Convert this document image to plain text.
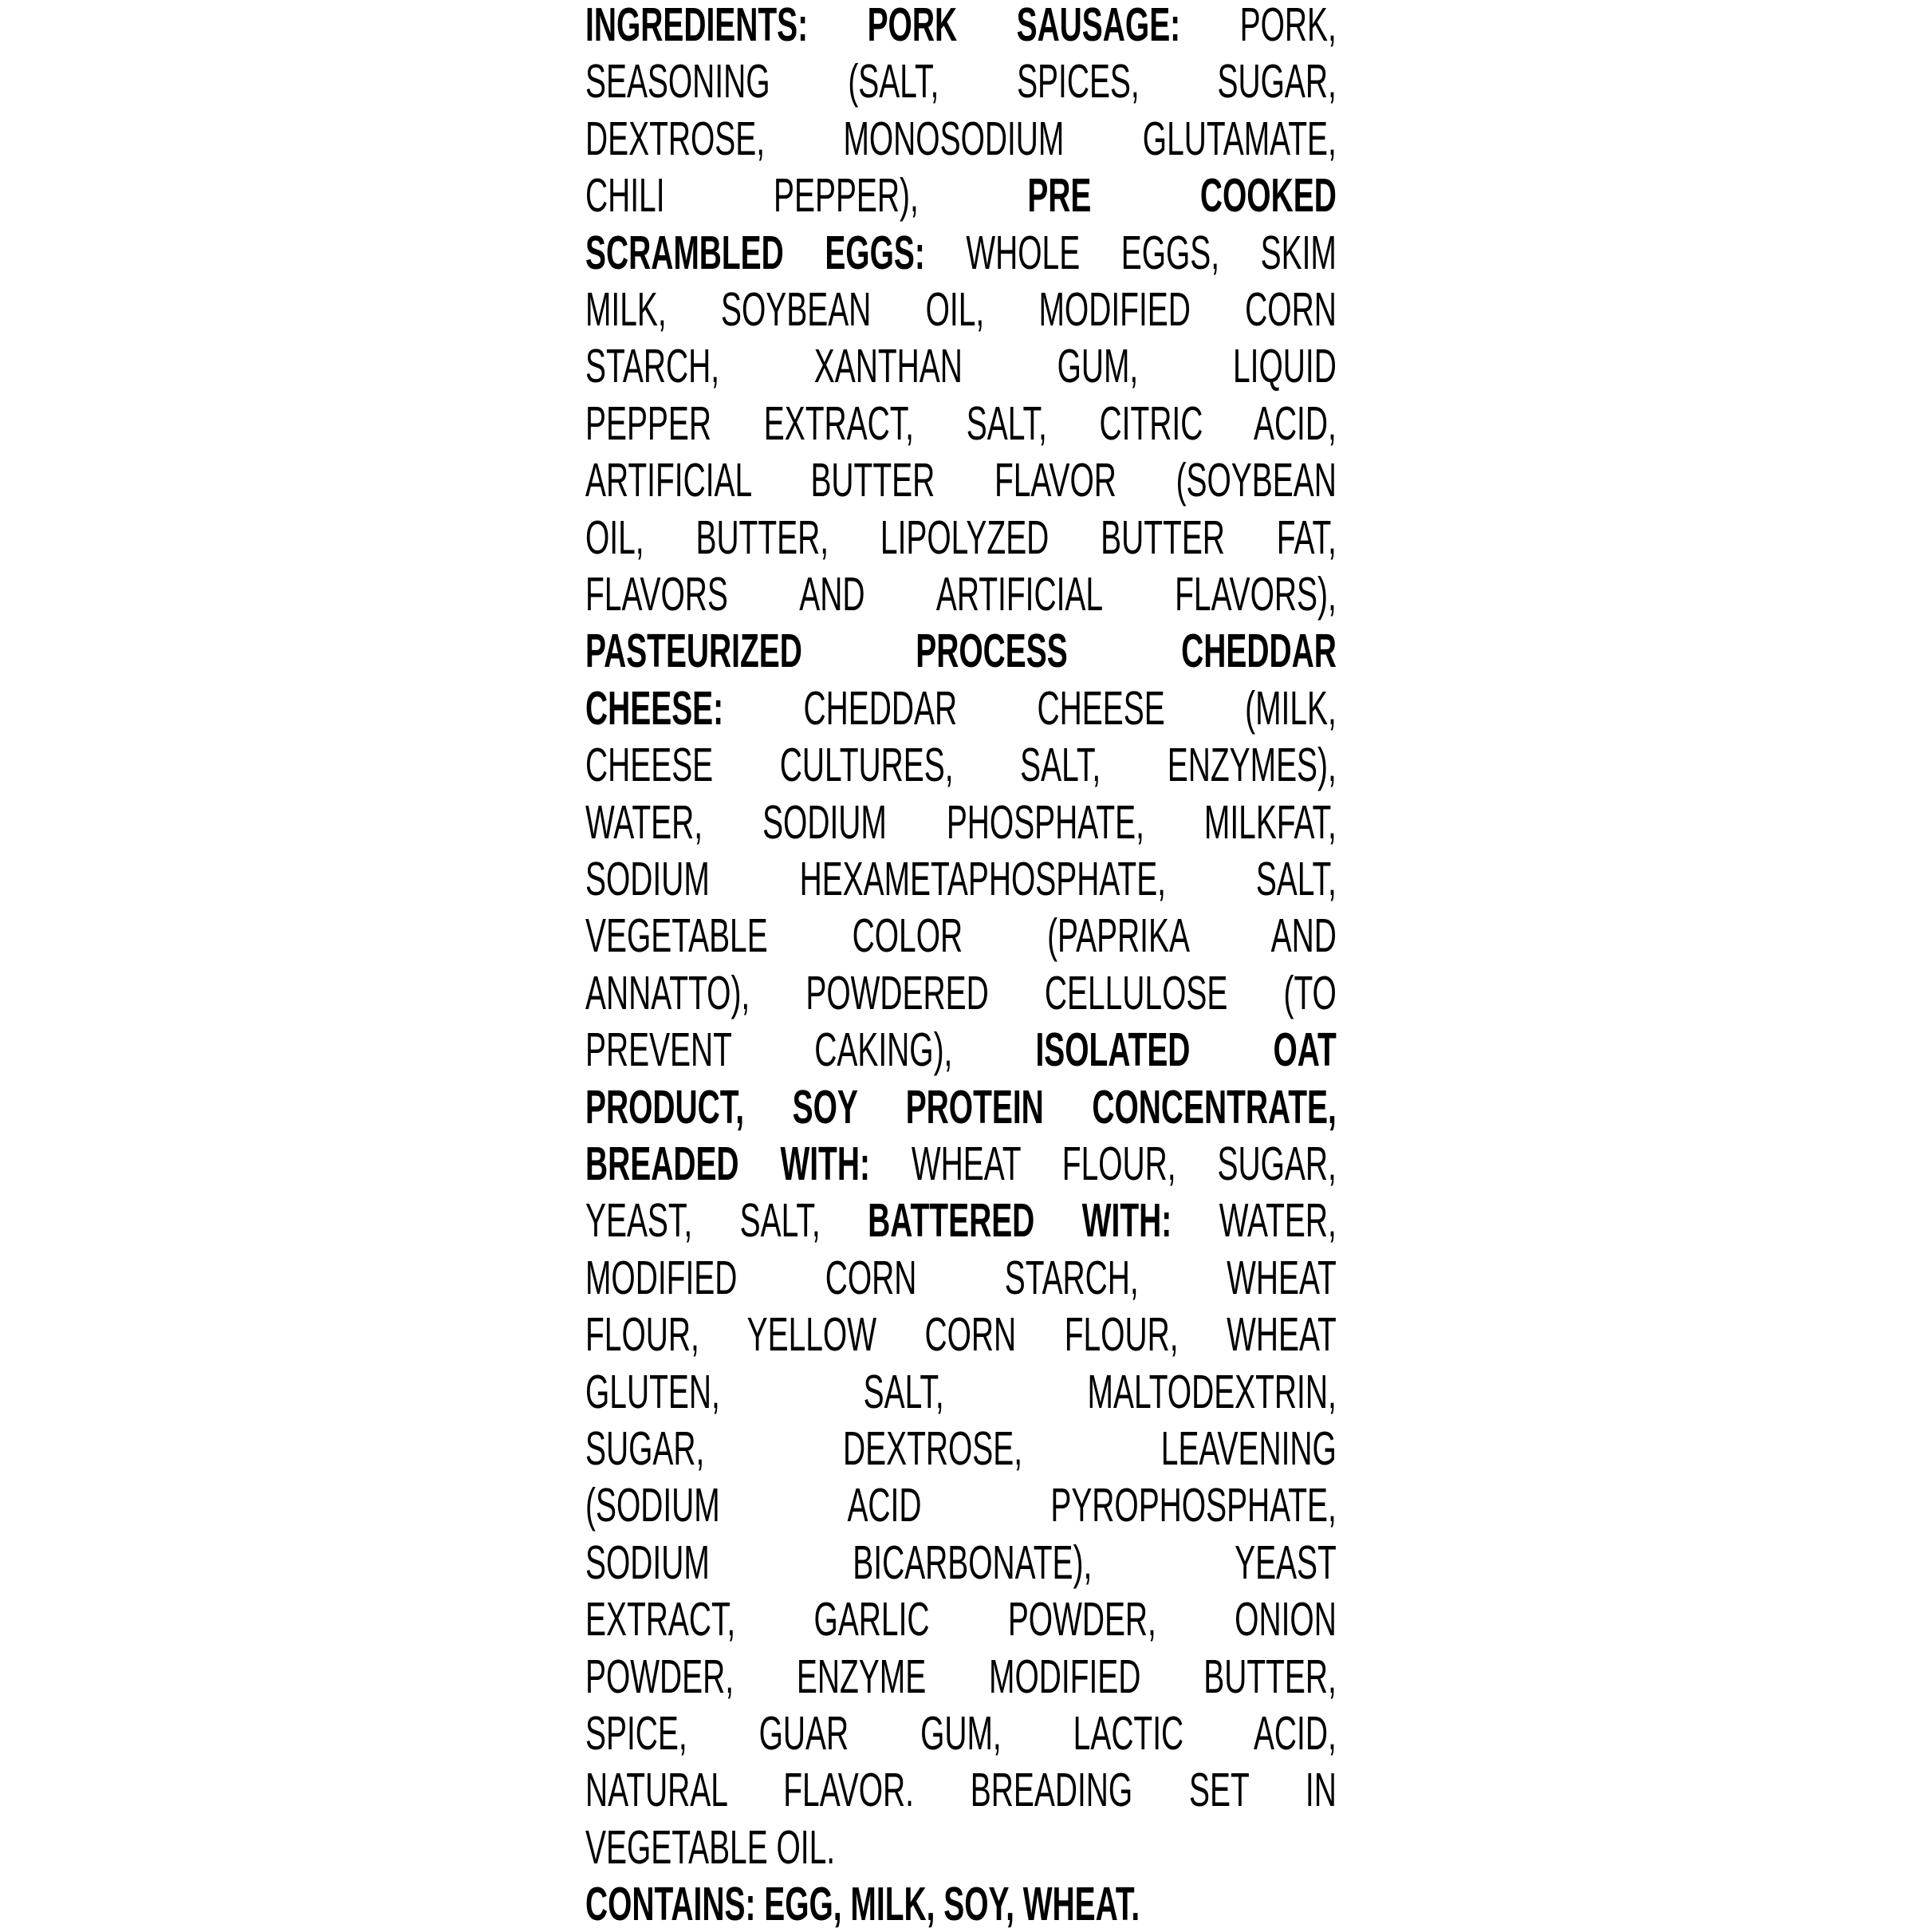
INGREDIENTS: PORK SAUSAGE: PORK,
SEASONING (SALT, SPICES, SUGAR,
DEXTROSE, MONOSODIUM GLUTAMATE,
CHILI PEPPER), PRE COOKED
SCRAMBLED EGGS: WHOLE EGGS, SKIM
MILK, SOYBEAN OIL, MODIFIED CORN
STARCH, XANTHAN GUM, LIQUID
PEPPER EXTRACT, SALT, CITRIC ACID,
ARTIFICIAL BUTTER FLAVOR (SOYBEAN
OIL, BUTTER, LIPOLYZED BUTTER FAT,
FLAVORS AND ARTIFICIAL FLAVORS),
PASTEURIZED PROCESS CHEDDAR
CHEESE: CHEDDAR CHEESE (MILK,
CHEESE CULTURES, SALT, ENZYMES),
WATER, SODIUM PHOSPHATE, MILKFAT,
SODIUM HEXAMETAPHOSPHATE, SALT,
VEGETABLE COLOR (PAPRIKA AND
ANNATTO), POWDERED CELLULOSE (TO
PREVENT CAKING), ISOLATED OAT
PRODUCT, SOY PROTEIN CONCENTRATE,
BREADED WITH: WHEAT FLOUR, SUGAR,
YEAST, SALT, BATTERED WITH: WATER,
MODIFIED CORN STARCH, WHEAT
FLOUR, YELLOW CORN FLOUR, WHEAT
GLUTEN, SALT, MALTODEXTRIN,
SUGAR, DEXTROSE, LEAVENING
(SODIUM ACID PYROPHOSPHATE,
SODIUM BICARBONATE), YEAST
EXTRACT, GARLIC POWDER, ONION
POWDER, ENZYME MODIFIED BUTTER,
SPICE, GUAR GUM, LACTIC ACID,
NATURAL FLAVOR. BREADING SET IN
VEGETABLE OIL.
CONTAINS: EGG, MILK, SOY, WHEAT.
